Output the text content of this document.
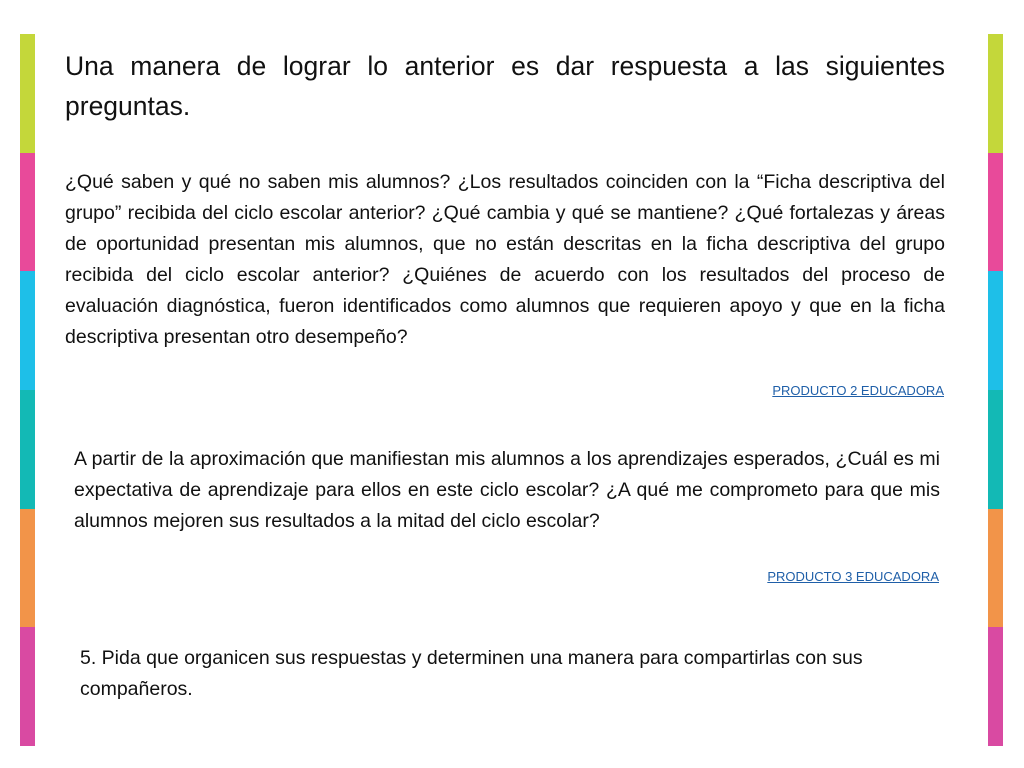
Una manera de lograr lo anterior es dar respuesta a las siguientes preguntas.
¿Qué saben y qué no saben mis alumnos? ¿Los resultados coinciden con la “Ficha descriptiva del grupo” recibida del ciclo escolar anterior? ¿Qué cambia y qué se mantiene? ¿Qué fortalezas y áreas de oportunidad presentan mis alumnos, que no están descritas en la ficha descriptiva del grupo recibida del ciclo escolar anterior? ¿Quiénes de acuerdo con los resultados del proceso de evaluación diagnóstica, fueron identificados como alumnos que requieren apoyo y que en la ficha descriptiva presentan otro desempeño?
PRODUCTO 2 EDUCADORA
A partir de la aproximación que manifiestan mis alumnos a los aprendizajes esperados, ¿Cuál es mi expectativa de aprendizaje para ellos en este ciclo escolar? ¿A qué me comprometo para que mis alumnos mejoren sus resultados a la mitad del ciclo escolar?
PRODUCTO 3 EDUCADORA
5. Pida que organicen sus respuestas y determinen una manera para compartirlas con sus compañeros.
